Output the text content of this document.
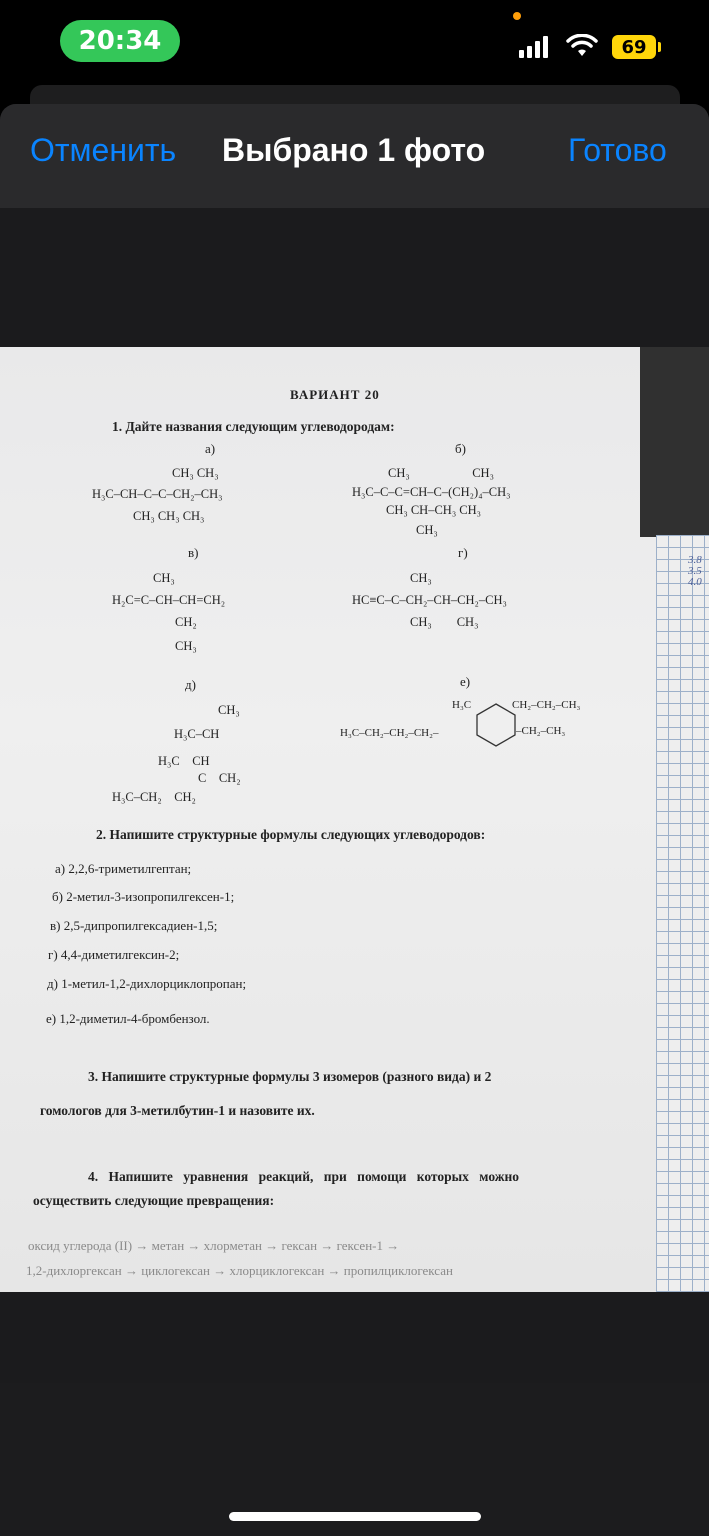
20:34	69
Отменить Выбрано 1 фото	Готово
3.8
3.5
4.0
ВАРИАНТ 20
1. Дайте названия следующим углеводородам:
а)
CH₃ CH₃
H₃C–CH–C–C–CH₂–CH₃
CH₃ CH₃ CH₃
б)
CH₃                    CH₃
H₃C–C–C=CH–C–(CH₂)₄–CH₃
CH₃ CH–CH₃ CH₃
CH₃
в)
CH₃
H₂C=C–CH–CH=CH₂
CH₂
CH₃
г)
CH₃
HC≡C–C–CH₂–CH–CH₂–CH₃
CH₃        CH₃
д)
CH₃
H₃C–CH
H₃C    CH
C    CH₂
H₃C–CH₂    CH₂
е)
H₃C	CH₂–CH₂–CH₃
H₃C–CH₂–CH₂–CH₂–	–CH₂–CH₃
2. Напишите структурные формулы следующих углеводородов:
а) 2,2,6-триметилгептан;
б) 2-метил-3-изопропилгексен-1;
в) 2,5-дипропилгексадиен-1,5;
г) 4,4-диметилгексин-2;
д) 1-метил-1,2-дихлорциклопропан;
е) 1,2-диметил-4-бромбензол.
3. Напишите структурные формулы 3 изомеров (разного вида) и 2
гомологов для 3-метилбутин-1 и назовите их.
4. Напишите уравнения реакций, при помощи которых можно
осуществить следующие превращения:
оксид углерода (II) → метан → хлорметан → гексан → гексен-1 →
1,2-дихлоргексан → циклогексан → хлорциклогексан → пропилциклогексан
